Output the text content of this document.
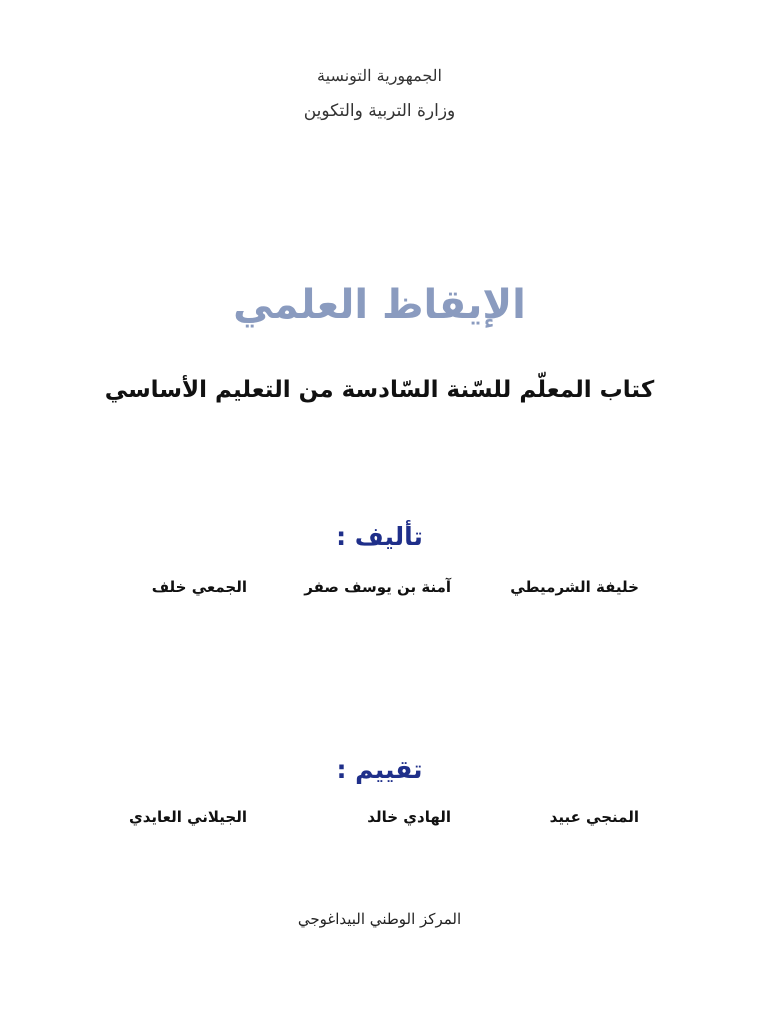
الجمهورية التونسية
وزارة التربية والتكوين
الإيقاظ العلمي
كتاب المعلّم للسّنة السّادسة من التعليم الأساسي
تأليف :
خليفة الشرميطي
آمنة بن يوسف صفر
الجمعي خلف
تقييم :
المنجي عبيد
الهادي خالد
الجيلاني العايدي
المركز الوطني البيداغوجي
